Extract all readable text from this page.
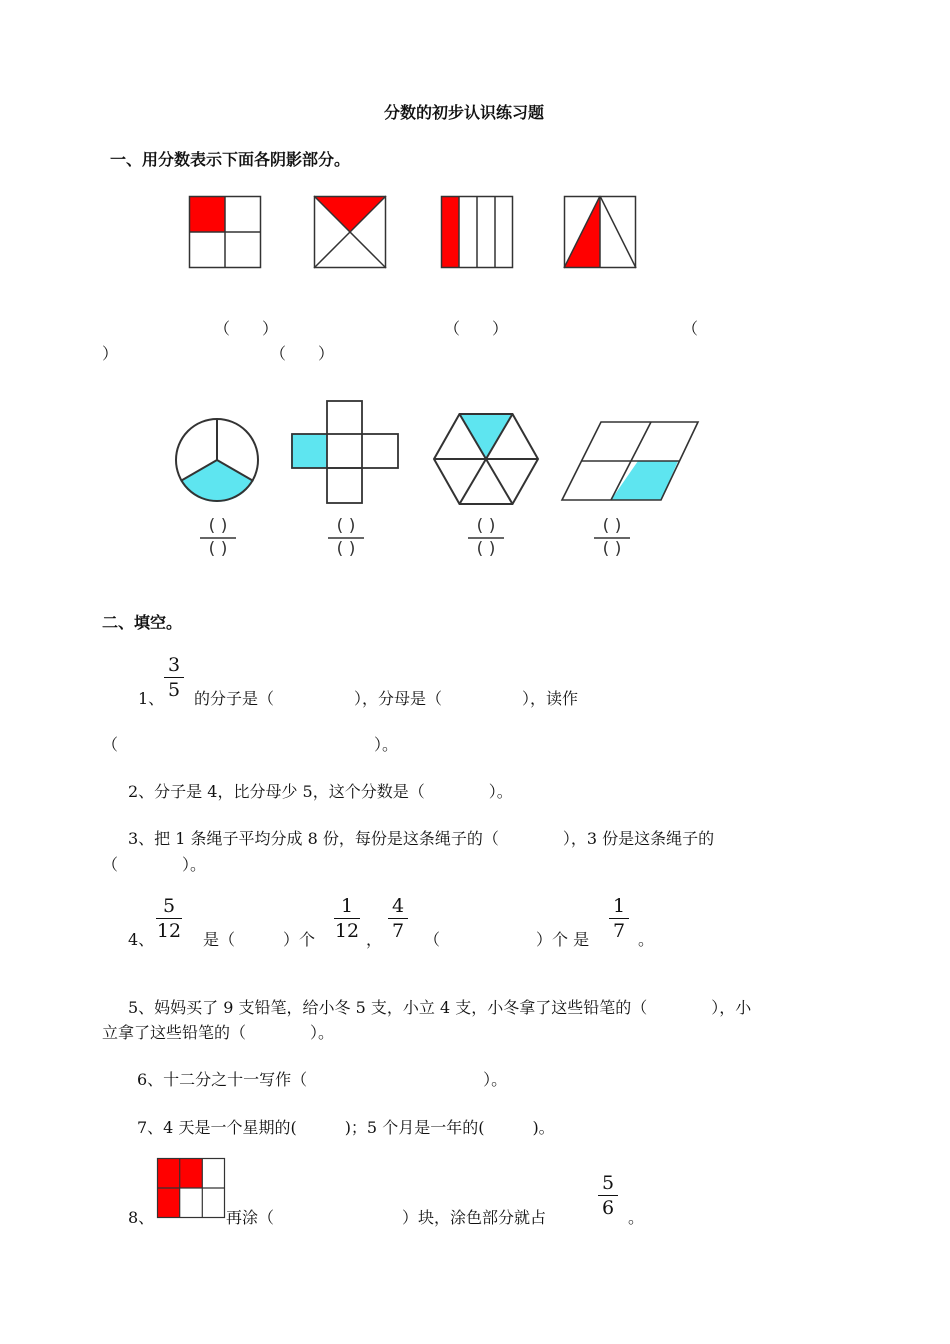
分数的初步认识练习题
一、用分数表示下面各阴影部分。
（　　）	（　　）	（
）	（　　）
( )
( )
( )
( )
( )
( )
( )
( )
二、填空。
1、
3
5 的分子是（　　　　　），分母是（　　　　　），读作
（　　　　　　　　　　　　　　　　）。
2、分子是 4，比分母少 5，这个分数是（　　　　）。
3、把 1 条绳子平均分成 8 份，每份是这条绳子的（　　　　），3 份是这条绳子的
（　　　　）。
4、
5
12 是（　　　）个
1
12 ，
4
7 （　　　　　　）个 是
1
7 。
5、妈妈买了 9 支铅笔，给小冬 5 支，小立 4 支，小冬拿了这些铅笔的（　　　　），小
立拿了这些铅笔的（　　　　）。
6、十二分之十一写作（　　　　　　　　　　　）。
7、4 天是一个星期的(　　　)；5 个月是一年的(　　　)。
8、	再涂（　　　　　　　　）块，涂色部分就占
5
6 。
